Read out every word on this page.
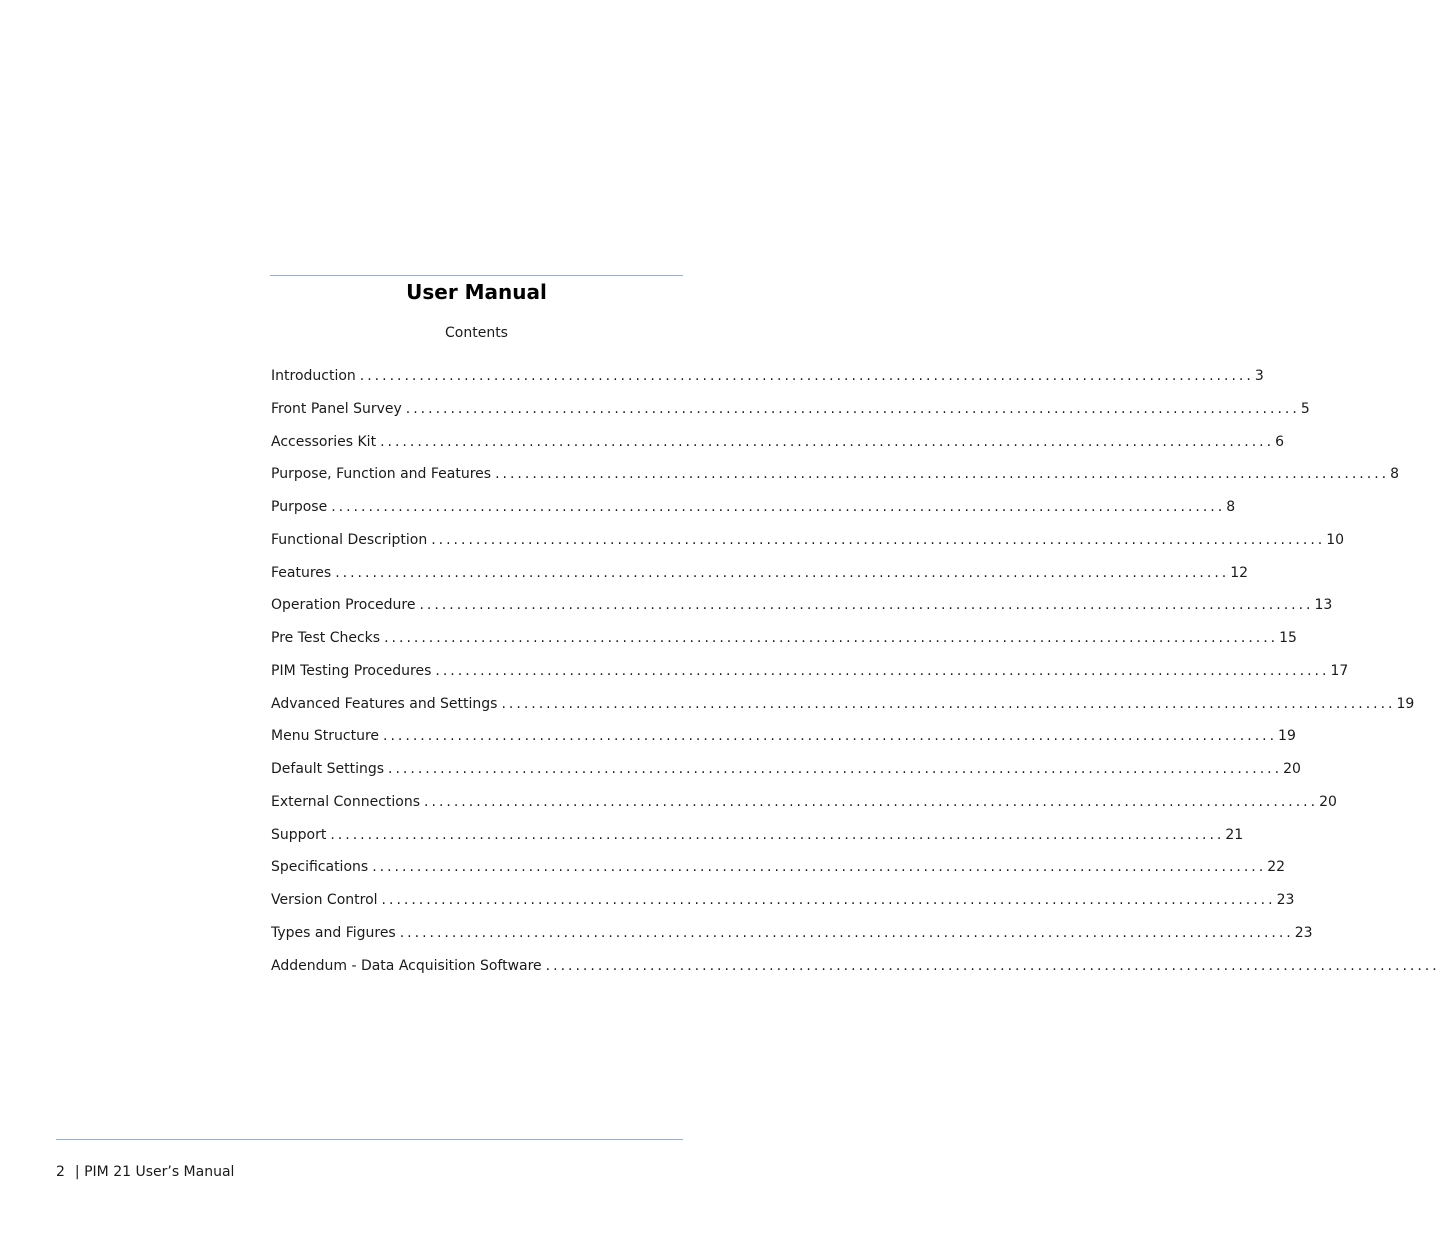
User Manual
Contents
Introduction ........................................................................................................................ 3
Front Panel Survey ........................................................................................................................ 5
Accessories Kit ........................................................................................................................ 6
Purpose, Function and Features ........................................................................................................................ 8
Purpose ........................................................................................................................ 8
Functional Description ........................................................................................................................ 10
Features ........................................................................................................................ 12
Operation Procedure ........................................................................................................................ 13
Pre Test Checks ........................................................................................................................ 15
PIM Testing Procedures ........................................................................................................................ 17
Advanced Features and Settings ........................................................................................................................ 19
Menu Structure ........................................................................................................................ 19
Default Settings ........................................................................................................................ 20
External Connections ........................................................................................................................ 20
Support ........................................................................................................................ 21
Specifications ........................................................................................................................ 22
Version Control ........................................................................................................................ 23
Types and Figures ........................................................................................................................ 23
Addendum - Data Acquisition Software ........................................................................................................................
2 | PIM 21 User’s Manual
